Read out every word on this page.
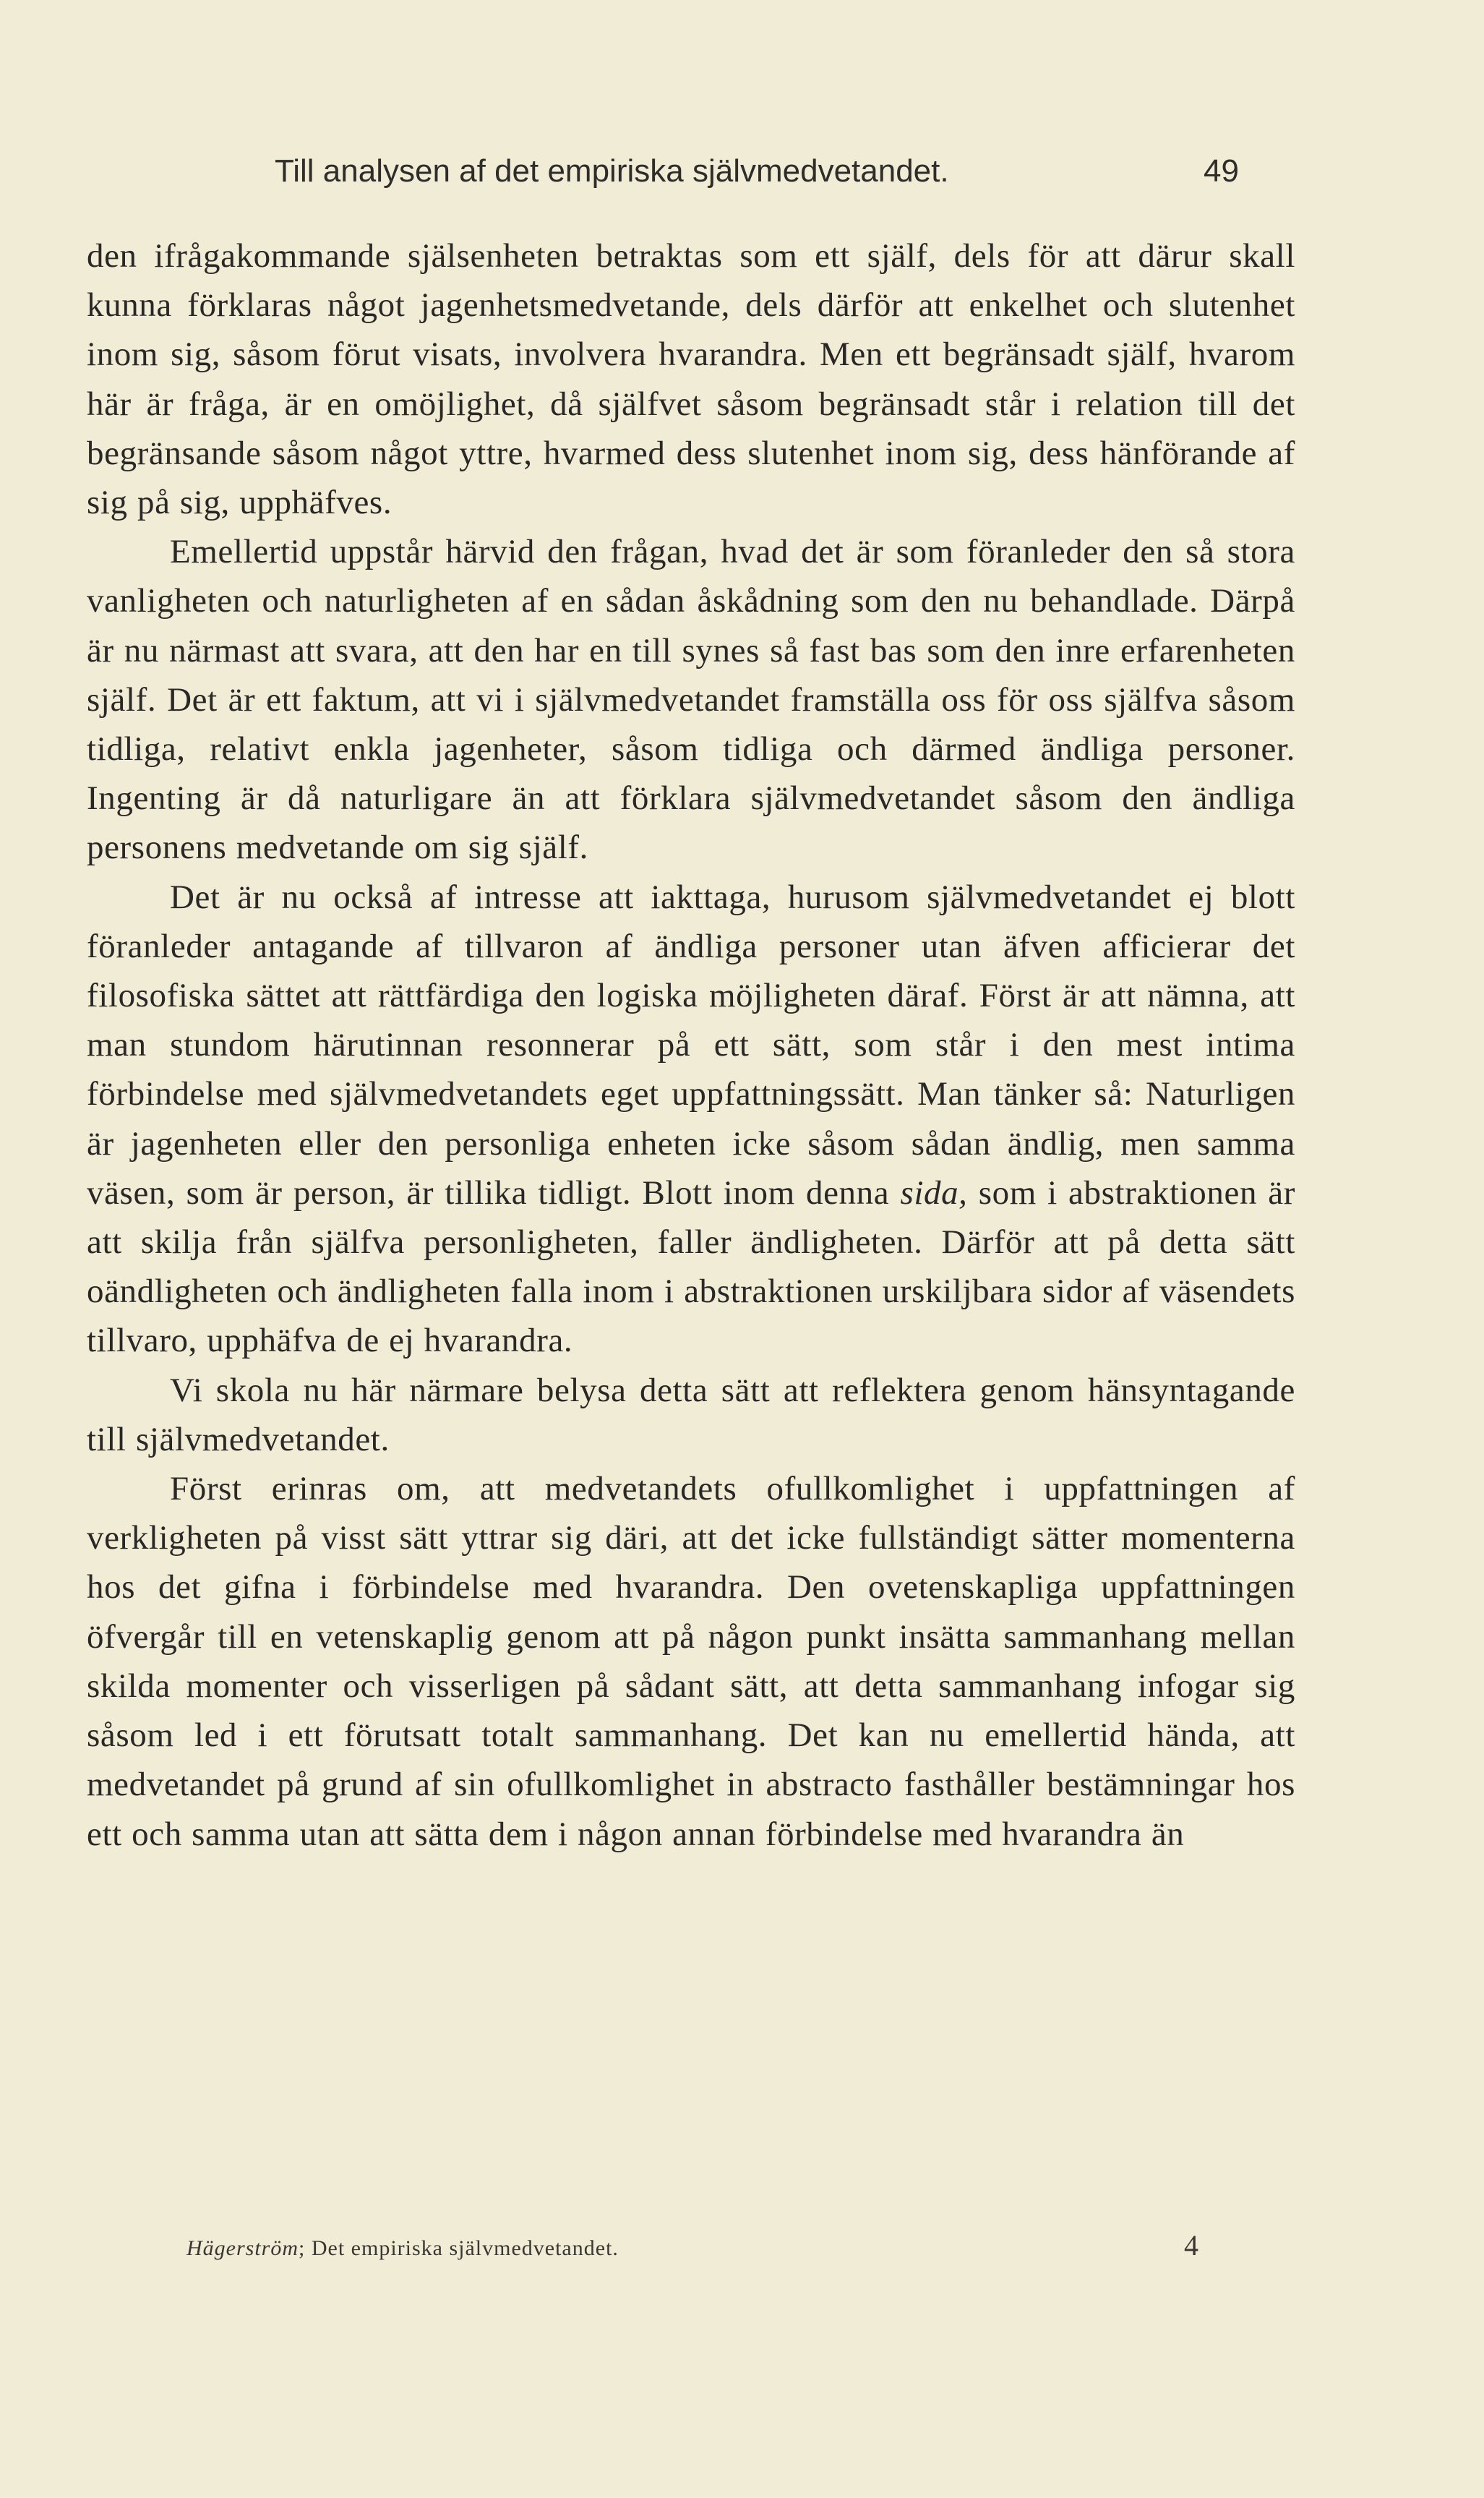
Till analysen af det empiriska självmedvetandet.	49

den ifrågakommande själsenheten betraktas som ett själf, dels för att därur skall kunna förklaras något jagenhetsmedvetande, dels därför att enkelhet och slutenhet inom sig, såsom förut visats, involvera hvarandra. Men ett begränsadt själf, hvarom här är fråga, är en omöjlighet, då själfvet såsom begränsadt står i relation till det begränsande såsom något yttre, hvarmed dess slutenhet inom sig, dess hänförande af sig på sig, upphäfves.

Emellertid uppstår härvid den frågan, hvad det är som föranleder den så stora vanligheten och naturligheten af en sådan åskådning som den nu behandlade. Därpå är nu närmast att svara, att den har en till synes så fast bas som den inre erfarenheten själf. Det är ett faktum, att vi i självmedvetandet framställa oss för oss själfva såsom tidliga, relativt enkla jagenheter, såsom tidliga och därmed ändliga personer. Ingenting är då naturligare än att förklara självmedvetandet såsom den ändliga personens medvetande om sig själf.

Det är nu också af intresse att iakttaga, hurusom självmedvetandet ej blott föranleder antagande af tillvaron af ändliga personer utan äfven afficierar det filosofiska sättet att rättfärdiga den logiska möjligheten däraf. Först är att nämna, att man stundom härutinnan resonnerar på ett sätt, som står i den mest intima förbindelse med självmedvetandets eget uppfattningssätt. Man tänker så: Naturligen är jagenheten eller den personliga enheten icke såsom sådan ändlig, men samma väsen, som är person, är tillika tidligt. Blott inom denna sida, som i abstraktionen är att skilja från själfva personligheten, faller ändligheten. Därför att på detta sätt oändligheten och ändligheten falla inom i abstraktionen urskiljbara sidor af väsendets tillvaro, upphäfva de ej hvarandra.

Vi skola nu här närmare belysa detta sätt att reflektera genom hänsyntagande till självmedvetandet.

Först erinras om, att medvetandets ofullkomlighet i uppfattningen af verkligheten på visst sätt yttrar sig däri, att det icke fullständigt sätter momenterna hos det gifna i förbindelse med hvarandra. Den ovetenskapliga uppfattningen öfvergår till en vetenskaplig genom att på någon punkt insätta sammanhang mellan skilda momenter och visserligen på sådant sätt, att detta sammanhang infogar sig såsom led i ett förutsatt totalt sammanhang. Det kan nu emellertid hända, att medvetandet på grund af sin ofullkomlighet in abstracto fasthåller bestämningar hos ett och samma utan att sätta dem i någon annan förbindelse med hvarandra än

Hägerström; Det empiriska självmedvetandet.	4
